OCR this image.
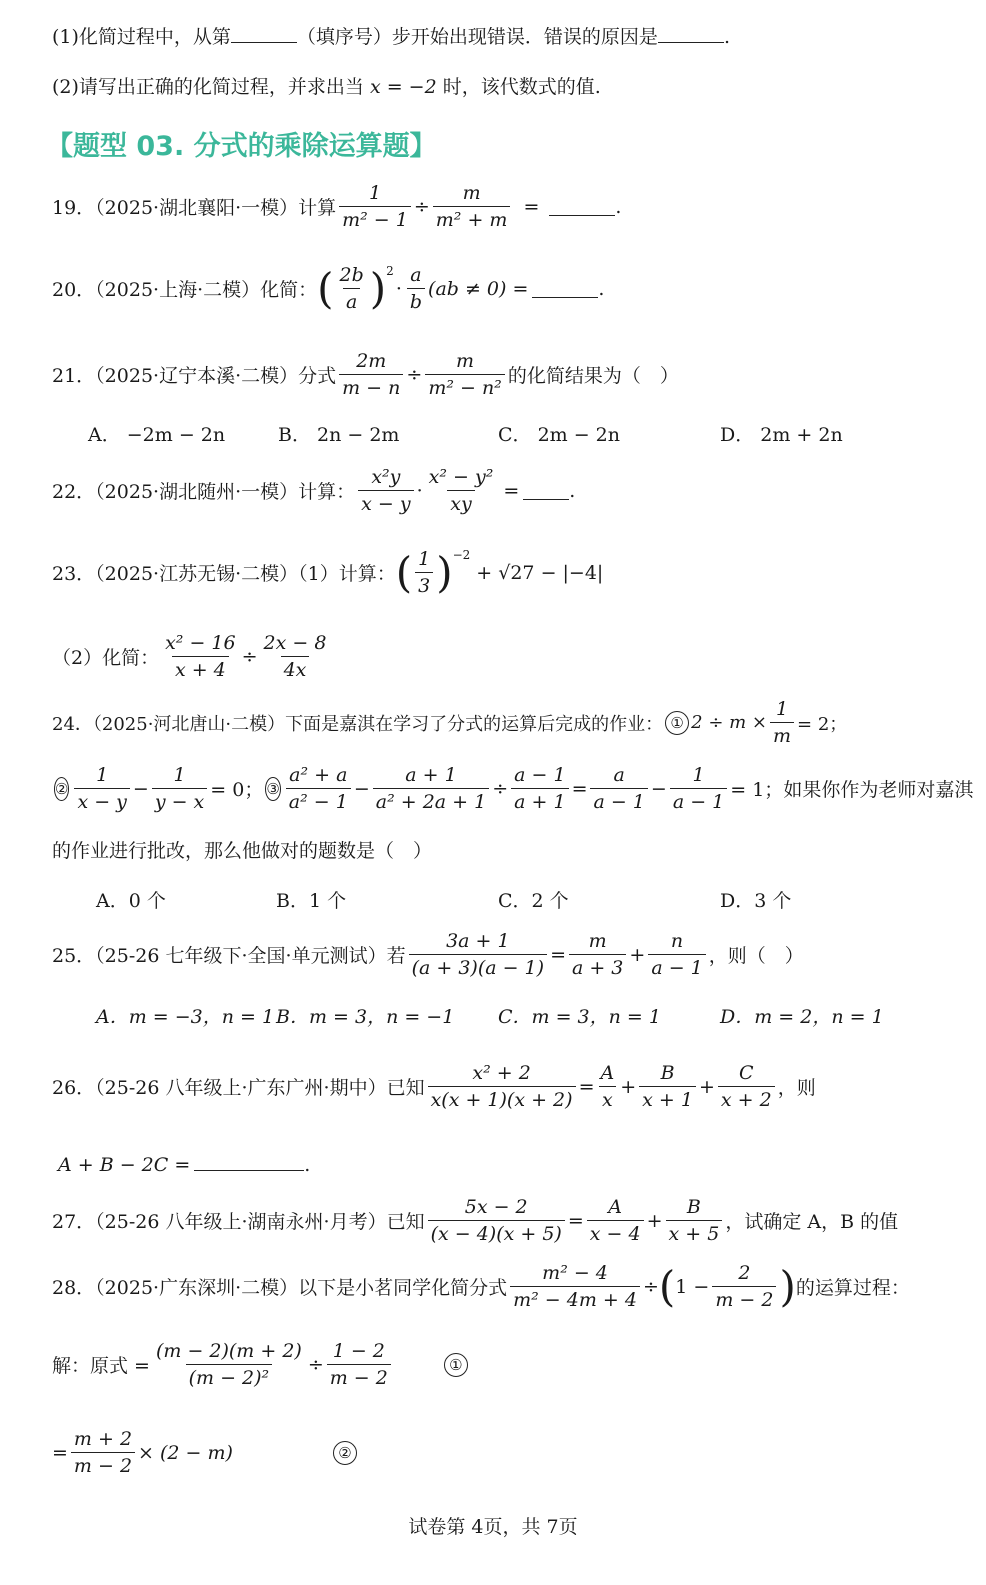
(1)化简过程中，从第	（填序号）步开始出现错误．错误的原因是	.
(2)请写出正确的化简过程，并求出当 x = −2 时，该代数式的值.
【题型 03. 分式的乘除运算题】
19．（2025·湖北襄阳·一模）计算 $\frac{1}{\text{m² − 1}} \div \frac{m}{\text{m² + m}}$ =	.
20．（2025·上海·二模）化简： ( $\frac{2b}{a} )^2$
· $\frac{a}{b} (ab \ne 0)$ =	.
21．（2025·辽宁本溪·二模）分式 $\frac{2m}{m - n} \div \frac{m}{\text{m² − n²}}$ 的化简结果为（　）
A． −2m − 2n	B． 2n − 2m	C． 2m − 2n	D． 2m + 2n
22．（2025·湖北随州·一模）计算： $\frac{\text{x²y}}{x - y} \cdot \frac{\text{x² − y²}}{xy}$ =	.
23．（2025·江苏无锡·二模）（1）计算： ( $\frac{1}{3} )^{-2}$
+ √27 − |−4|
（2）化简： $\frac{\text{x² − 16}}{x + 4} \div \frac{2x - 8}{4x}$
24．（2025·河北唐山·二模）下面是嘉淇在学习了分式的运算后完成的作业： ① $2 \div m \times \frac{1}{m} = 2$；
② $\frac{1}{x - y} - \frac{1}{y - x} = 0$； ③ $\frac{\text{a² + a}}{\text{a² − 1}} - \frac{a + 1}{\text{a² + 2a + 1}} \div \frac{a - 1}{a + 1} = \frac{a}{a - 1} - \frac{1}{a - 1} = 1$； 如果你作为老师对嘉淇
的作业进行批改，那么他做对的题数是（　）
A．0 个	B．1 个	C．2 个	D．3 个
25．（25-26 七年级下·全国·单元测试）若 $\frac{3a + 1}{(a + 3)(a - 1)} = \frac{m}{a + 3} + \frac{n}{a - 1}$ ，则（　）
A．m = −3，n = 1 B．m = 3，n = −1 C．m = 3，n = 1	D．m = 2，n = 1
26．（25-26 八年级上·广东广州·期中）已知 $\frac{\text{x² + 2}}{x(x + 1)(x + 2)} = \frac{A}{x} + \frac{B}{x + 1} + \frac{C}{x + 2}$ ，则
A + B − 2C =	.
27．（25-26 八年级上·湖南永州·月考）已知 $\frac{5x - 2}{(x - 4)(x + 5)} = \frac{A}{x - 4} + \frac{B}{x + 5}$ ，试确定 A，B 的值
28．（2025·广东深圳·二模）以下是小茗同学化简分式 $\frac{\text{m² − 4}}{\text{m² − 4m + 4}}$ ÷ ( $1 - \frac{2}{m - 2}$ ) 的运算过程：
解：原式 = $\frac{(m - 2)(m + 2)}{\text{(m − 2)²}} \div \frac{1 - 2}{m - 2}$	①
= $\frac{m + 2}{m - 2} \times (2 - m)$	②
试卷第 4页，共 7页
